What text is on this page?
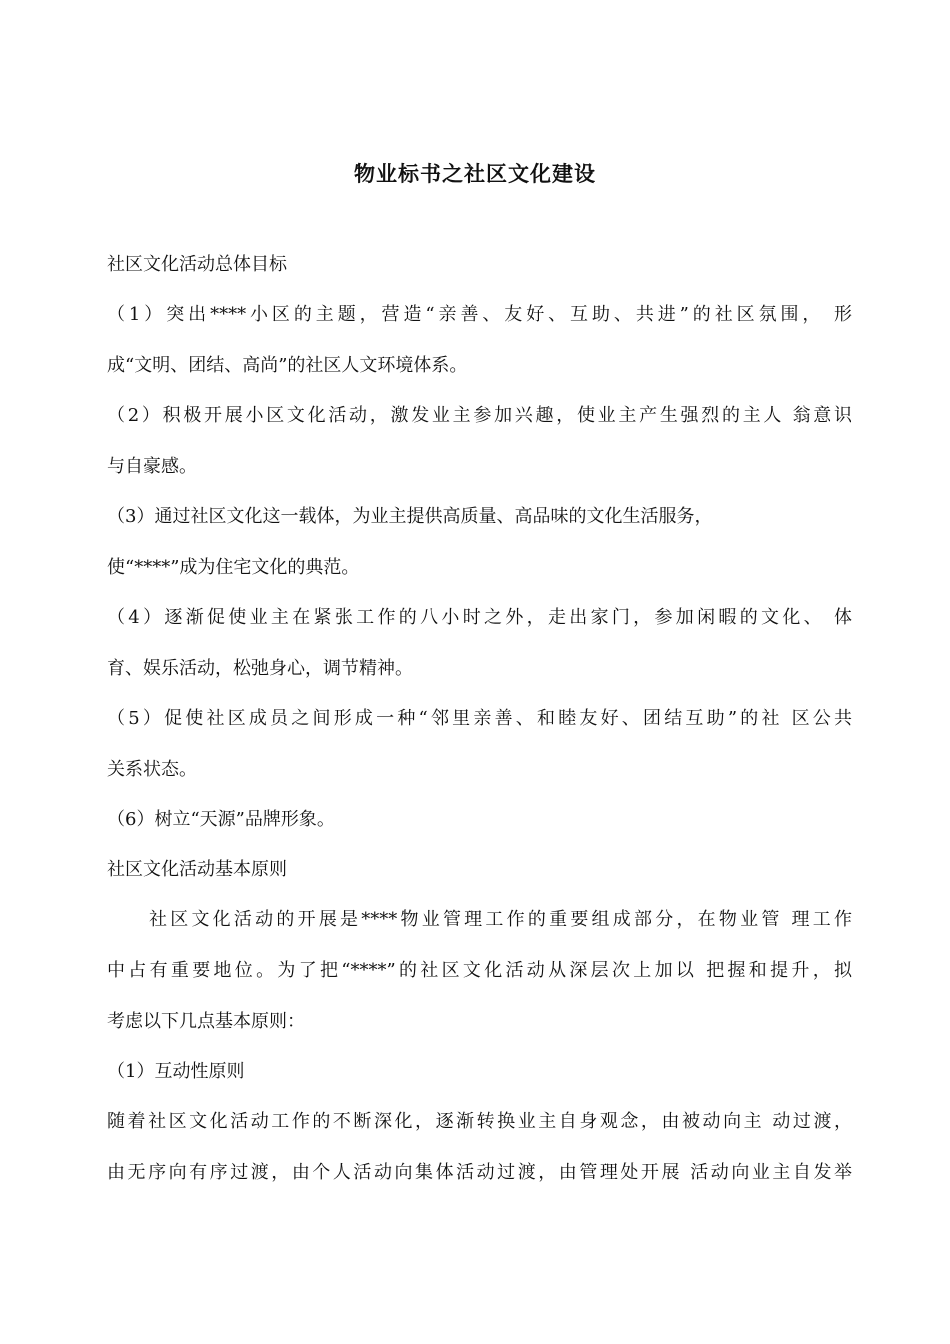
物业标书之社区文化建设
社区文化活动总体目标
（1）突出****小区的主题，营造“亲善、友好、互助、共进”的社区氛围， 形
成“文明、团结、高尚”的社区人文环境体系。
（2）积极开展小区文化活动，激发业主参加兴趣，使业主产生强烈的主人 翁意识
与自豪感。
（3）通过社区文化这一载体，为业主提供高质量、高品味的文化生活服务，
使“****”成为住宅文化的典范。
（4）逐渐促使业主在紧张工作的八小时之外，走出家门，参加闲暇的文化、 体
育、娱乐活动，松弛身心，调节精神。
（5）促使社区成员之间形成一种“邻里亲善、和睦友好、团结互助”的社 区公共
关系状态。
（6）树立“天源”品牌形象。
社区文化活动基本原则
社区文化活动的开展是****物业管理工作的重要组成部分，在物业管 理工作
中占有重要地位。为了把“****”的社区文化活动从深层次上加以 把握和提升，拟
考虑以下几点基本原则：
（1）互动性原则
随着社区文化活动工作的不断深化，逐渐转换业主自身观念，由被动向主 动过渡，
由无序向有序过渡，由个人活动向集体活动过渡，由管理处开展 活动向业主自发举
